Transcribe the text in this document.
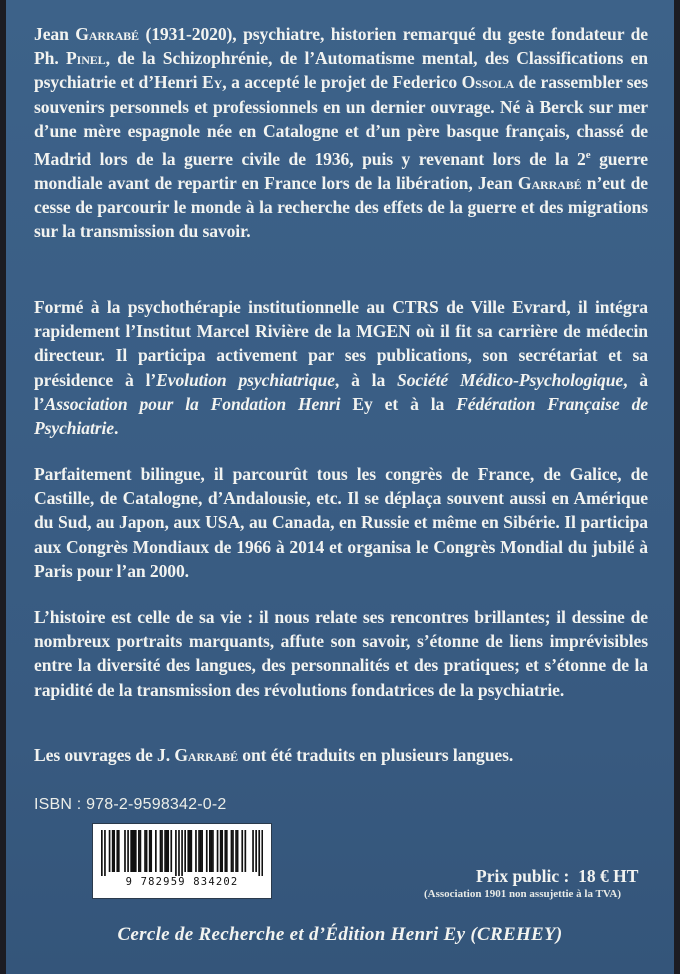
Jean Garrabé (1931-2020), psychiatre, historien remarqué du geste fondateur de Ph. Pinel, de la Schizophrénie, de l’Automatisme mental, des Classifications en psychiatrie et d’Henri Ey, a accepté le projet de Federico Ossola de rassembler ses souvenirs personnels et professionnels en un dernier ouvrage. Né à Berck sur mer d’une mère espagnole née en Catalogne et d’un père basque français, chassé de Madrid lors de la guerre civile de 1936, puis y revenant lors de la 2e guerre mondiale avant de repartir en France lors de la libération, Jean Garrabé n’eut de cesse de parcourir le monde à la recherche des effets de la guerre et des migrations sur la transmission du savoir.

Formé à la psychothérapie institutionnelle au CTRS de Ville Evrard, il intégra rapidement l’Institut Marcel Rivière de la MGEN où il fit sa carrière de médecin directeur. Il participa activement par ses publications, son secrétariat et sa présidence à l’Evolution psychiatrique, à la Société Médico-Psychologique, à l’Association pour la Fondation Henri Ey et à la Fédération Française de Psychiatrie.

Parfaitement bilingue, il parcourût tous les congrès de France, de Galice, de Castille, de Catalogne, d’Andalousie, etc. Il se déplaça souvent aussi en Amérique du Sud, au Japon, aux USA, au Canada, en Russie et même en Sibérie. Il participa aux Congrès Mondiaux de 1966 à 2014 et organisa le Congrès Mondial du jubilé à Paris pour l’an 2000.

L’histoire est celle de sa vie : il nous relate ses rencontres brillantes; il dessine de nombreux portraits marquants, affute son savoir, s’étonne de liens imprévisibles entre la diversité des langues, des personnalités et des pratiques; et s’étonne de la rapidité de la transmission des révolutions fondatrices de la psychiatrie.

Les ouvrages de J. Garrabé ont été traduits en plusieurs langues.

ISBN : 978-2-9598342-0-2
9 782959 834202	Prix public : 18 € HT
(Association 1901 non assujettie à la TVA)
Cercle de Recherche et d’Édition Henri Ey (CREHEY)
